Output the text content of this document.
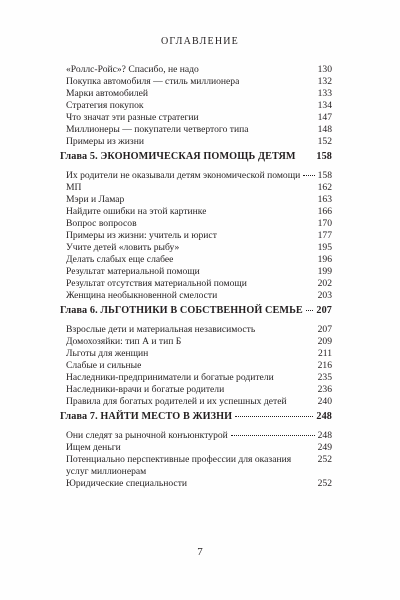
ОГЛАВЛЕНИЕ
«Роллс-Ройс»? Спасибо, не надо	130
Покупка автомобиля — стиль миллионера	132
Марки автомобилей	133
Стратегия покупок	134
Что значат эти разные стратегии	147
Миллионеры — покупатели четвертого типа	148
Примеры из жизни	152
Глава 5. ЭКОНОМИЧЕСКАЯ ПОМОЩЬ ДЕТЯМ 158
Их родители не оказывали детям экономической помощи 158
МП	162
Мэри и Ламар	163
Найдите ошибки на этой картинке	166
Вопрос вопросов	170
Примеры из жизни: учитель и юрист	177
Учите детей «ловить рыбу»	195
Делать слабых еще слабее	196
Результат материальной помощи	199
Результат отсутствия материальной помощи	202
Женщина необыкновенной смелости	203
Глава 6. ЛЬГОТНИКИ В СОБСТВЕННОЙ СЕМЬЕ 207
Взрослые дети и материальная независимость	207
Домохозяйки: тип А и тип Б	209
Льготы для женщин	211
Слабые и сильные	216
Наследники-предприниматели и богатые родители	235
Наследники-врачи и богатые родители	236
Правила для богатых родителей и их успешных детей	240
Глава 7. НАЙТИ МЕСТО В ЖИЗНИ	248
Они следят за рыночной конъюнктурой	248
Ищем деньги	249
Потенциально перспективные профессии для оказания услуг миллионерам
252
Юридические специальности	252
7
